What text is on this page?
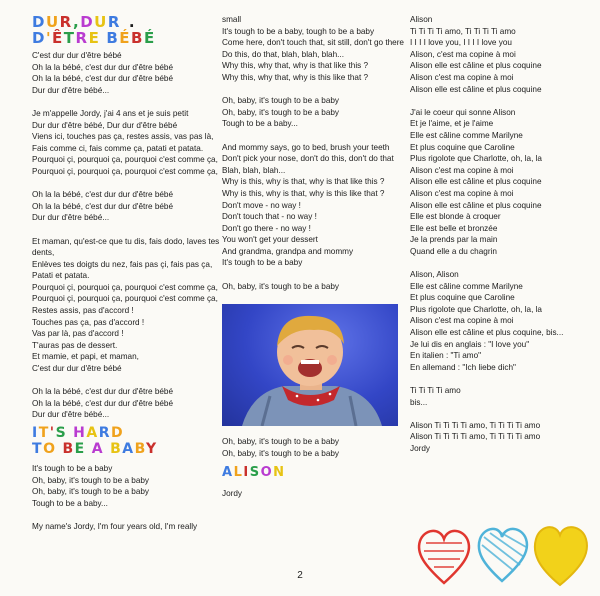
DUR,DUR .
D'ÊTRE BÉBÉ
C'est dur dur d'être bébé
Oh la la bébé, c'est dur dur d'être bébé
Oh la la bébé, c'est dur dur d'être bébé
Dur dur d'être bébé...
Je m'appelle Jordy, j'ai 4 ans et je suis petit
Dur dur d'être bébé, Dur dur d'être bébé
Viens ici, touches pas ça, restes assis, vas pas là,
Fais comme ci, fais comme ça, patati et patata.
Pourquoi çi, pourquoi ça, pourquoi c'est comme ça,
Pourquoi çi, pourquoi ça, pourquoi c'est comme ça,
Oh la la bébé, c'est dur dur d'être bébé
Oh la la bébé, c'est dur dur d'être bébé
Dur dur d'être bébé...
Et maman, qu'est-ce que tu dis, fais dodo, laves tes
dents,
Enlèves tes doigts du nez, fais pas çi, fais pas ça,
Patati et patata.
Pourquoi çi, pourquoi ça, pourquoi c'est comme ça,
Pourquoi çi, pourquoi ça, pourquoi c'est comme ça,
Restes assis, pas d'accord !
Touches pas ça, pas d'accord !
Vas par là, pas d'accord !
T'auras pas de dessert.
Et mamie, et papi, et maman,
C'est dur dur d'être bébé
Oh la la bébé, c'est dur dur d'être bébé
Oh la la bébé, c'est dur dur d'être bébé
Dur dur d'être bébé...
IT'S HARD
TO BE A BABY
It's tough to be a baby
Oh, baby, it's tough to be a baby
Oh, baby, it's tough to be a baby
Tough to be a baby...
My name's Jordy, I'm four years old, I'm really
small
It's tough to be a baby, tough to be a baby
Come here, don't touch that, sit still, don't go there
Do this, do that, blah, blah, blah...
Why this, why that, why is that like this ?
Why this, why that, why is this like that ?
Oh, baby, it's tough to be a baby
Oh, baby, it's tough to be a baby
Tough to be a baby...
And mommy says, go to bed, brush your teeth
Don't pick your nose, don't do this, don't do that
Blah, blah, blah...
Why is this, why is that, why is that like this ?
Why is this, why is that, why is this like that ?
Don't move - no way !
Don't touch that - no way !
Don't go there - no way !
You won't get your dessert
And grandma, grandpa and mommy
It's tough to be a baby
Oh, baby, it's tough to be a baby
Oh, baby, it's tough to be a baby
Oh, baby, it's tough to be a baby
ALISON
Jordy
Alison
Ti Ti Ti Ti amo, Ti Ti Ti Ti amo
I I I I love you, I I I I love you
Alison, c'est ma copine à moi
Alison elle est câline et plus coquine
Alison c'est ma copine à moi
Alison elle est câline et plus coquine
J'ai le coeur qui sonne Alison
Et je l'aime, et je l'aime
Elle est câline comme Marilyne
Et plus coquine que Caroline
Plus rigolote que Charlotte, oh, la, la
Alison c'est ma copine à moi
Alison elle est câline et plus coquine
Alison c'est ma copine à moi
Alison elle est câline et plus coquine
Elle est blonde à croquer
Elle est belle et bronzée
Je la prends par la main
Quand elle a du chagrin
Alison, Alison
Elle est câline comme Marilyne
Et plus coquine que Caroline
Plus rigolote que Charlotte, oh, la, la
Alison c'est ma copine à moi
Alison elle est câline et plus coquine, bis...
Je lui dis en anglais : "I love you"
En italien : "Ti amo"
En allemand : "Ich liebe dich"
Ti Ti Ti Ti amo
bis...
Alison Ti Ti Ti Ti amo, Ti Ti Ti Ti amo
Alison Ti Ti Ti Ti amo, Ti Ti Ti Ti amo
Jordy
2
